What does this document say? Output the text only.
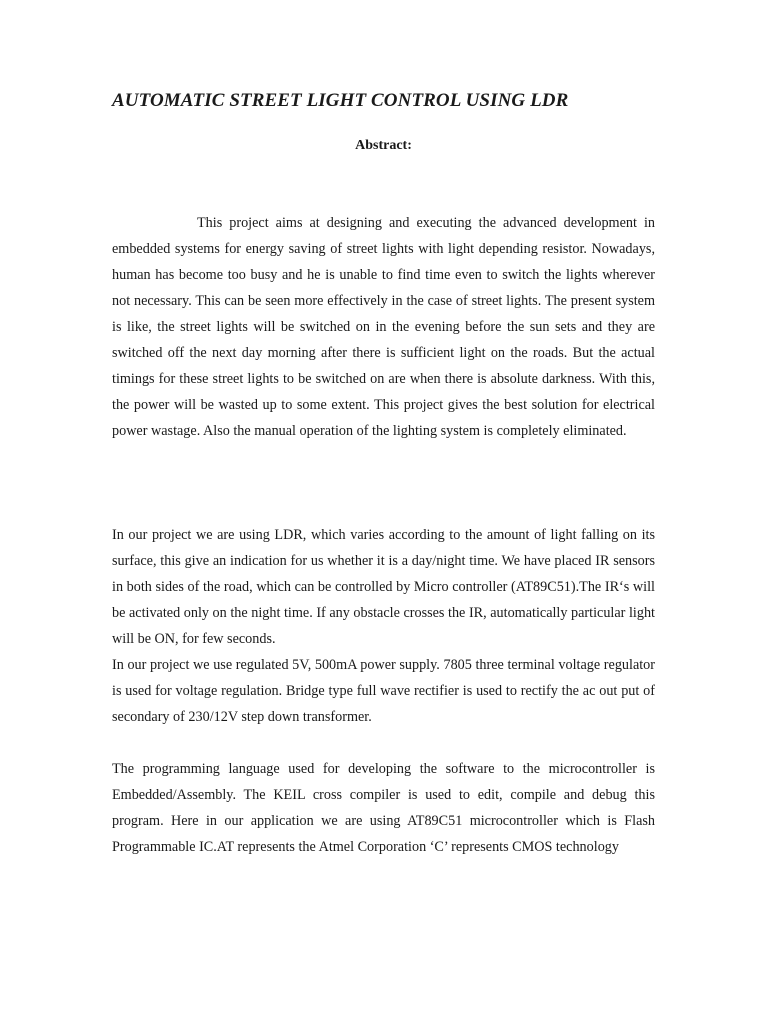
AUTOMATIC STREET LIGHT CONTROL USING LDR
Abstract:

This project aims at designing and executing the advanced development in embedded systems for energy saving of street lights with light depending resistor. Nowadays, human has become too busy and he is unable to find time even to switch the lights wherever not necessary. This can be seen more effectively in the case of street lights. The present system is like, the street lights will be switched on in the evening before the sun sets and they are switched off the next day morning after there is sufficient light on the roads. But the actual timings for these street lights to be switched on are when there is absolute darkness. With this, the power will be wasted up to some extent. This project gives the best solution for electrical power wastage. Also the manual operation of the lighting system is completely eliminated.

In our project we are using LDR, which varies according to the amount of light falling on its surface, this give an indication for us whether it is a day/night time. We have placed IR sensors in both sides of the road, which can be controlled by Micro controller (AT89C51).The IR‘s will be activated only on the night time. If any obstacle crosses the IR, automatically particular light will be ON, for few seconds.

In our project we use regulated 5V, 500mA power supply. 7805 three terminal voltage regulator is used for voltage regulation. Bridge type full wave rectifier is used to rectify the ac out put of secondary of 230/12V step down transformer.

The programming language used for developing the software to the microcontroller is Embedded/Assembly. The KEIL cross compiler is used to edit, compile and debug this program. Here in our application we are using AT89C51 microcontroller which is Flash Programmable IC.AT represents the Atmel Corporation ‘C’ represents CMOS technology
